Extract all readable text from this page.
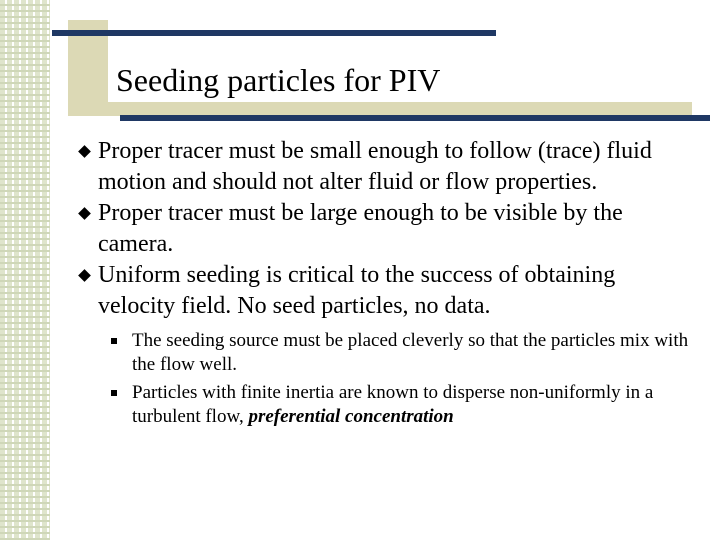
Seeding particles for PIV

Proper tracer must be small enough to follow (trace) fluid motion and should not alter fluid or flow properties.

Proper tracer must be large enough to be visible by the camera.

Uniform seeding is critical to the success of obtaining velocity field. No seed particles, no data.

The seeding source must be placed cleverly so that the particles mix with the flow well.

Particles with finite inertia are known to disperse non-uniformly in a turbulent flow, preferential concentration
